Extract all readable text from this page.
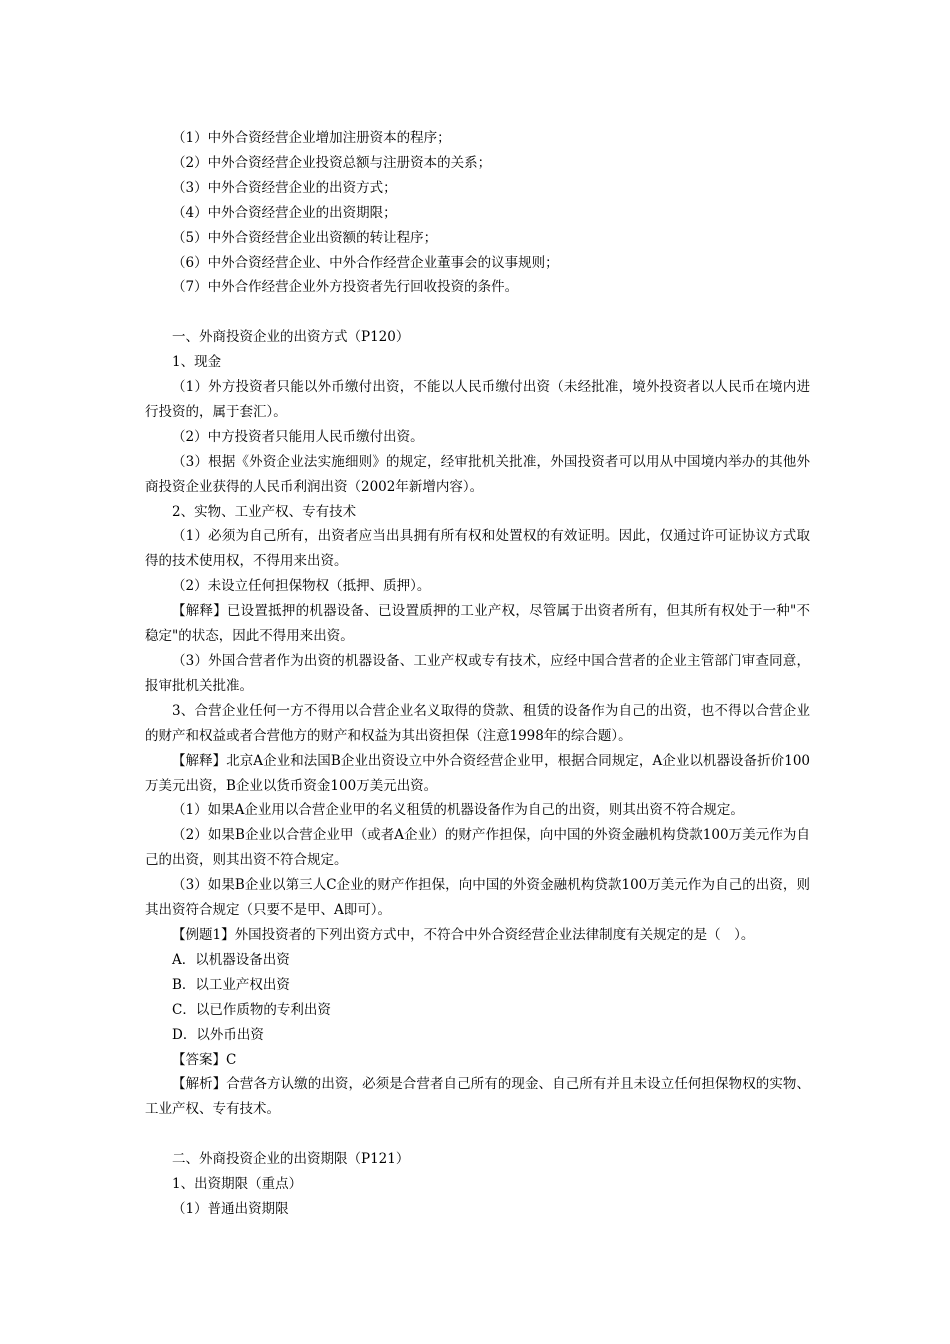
（1）中外合资经营企业增加注册资本的程序；

（2）中外合资经营企业投资总额与注册资本的关系；

（3）中外合资经营企业的出资方式；

（4）中外合资经营企业的出资期限；

（5）中外合资经营企业出资额的转让程序；

（6）中外合资经营企业、中外合作经营企业董事会的议事规则；

（7）中外合作经营企业外方投资者先行回收投资的条件。

一、外商投资企业的出资方式（P120）

1、现金

（1）外方投资者只能以外币缴付出资，不能以人民币缴付出资（未经批准，境外投资者以人民币在境内进行投资的，属于套汇）。

（2）中方投资者只能用人民币缴付出资。

（3）根据《外资企业法实施细则》的规定，经审批机关批准，外国投资者可以用从中国境内举办的其他外商投资企业获得的人民币利润出资（2002年新增内容）。

2、实物、工业产权、专有技术

（1）必须为自己所有，出资者应当出具拥有所有权和处置权的有效证明。因此，仅通过许可证协议方式取得的技术使用权，不得用来出资。

（2）未设立任何担保物权（抵押、质押）。

【解释】已设置抵押的机器设备、已设置质押的工业产权，尽管属于出资者所有，但其所有权处于一种"不稳定"的状态，因此不得用来出资。

（3）外国合营者作为出资的机器设备、工业产权或专有技术，应经中国合营者的企业主管部门审查同意，报审批机关批准。

3、合营企业任何一方不得用以合营企业名义取得的贷款、租赁的设备作为自己的出资，也不得以合营企业的财产和权益或者合营他方的财产和权益为其出资担保（注意1998年的综合题）。

【解释】北京A企业和法国B企业出资设立中外合资经营企业甲，根据合同规定，A企业以机器设备折价100万美元出资，B企业以货币资金100万美元出资。

（1）如果A企业用以合营企业甲的名义租赁的机器设备作为自己的出资，则其出资不符合规定。

（2）如果B企业以合营企业甲（或者A企业）的财产作担保，向中国的外资金融机构贷款100万美元作为自己的出资，则其出资不符合规定。

（3）如果B企业以第三人C企业的财产作担保，向中国的外资金融机构贷款100万美元作为自己的出资，则其出资符合规定（只要不是甲、A即可）。

【例题1】外国投资者的下列出资方式中，不符合中外合资经营企业法律制度有关规定的是（　）。

A．以机器设备出资

B．以工业产权出资

C．以已作质物的专利出资

D．以外币出资

【答案】C

【解析】合营各方认缴的出资，必须是合营者自己所有的现金、自己所有并且未设立任何担保物权的实物、工业产权、专有技术。

二、外商投资企业的出资期限（P121）

1、出资期限（重点）

（1）普通出资期限
